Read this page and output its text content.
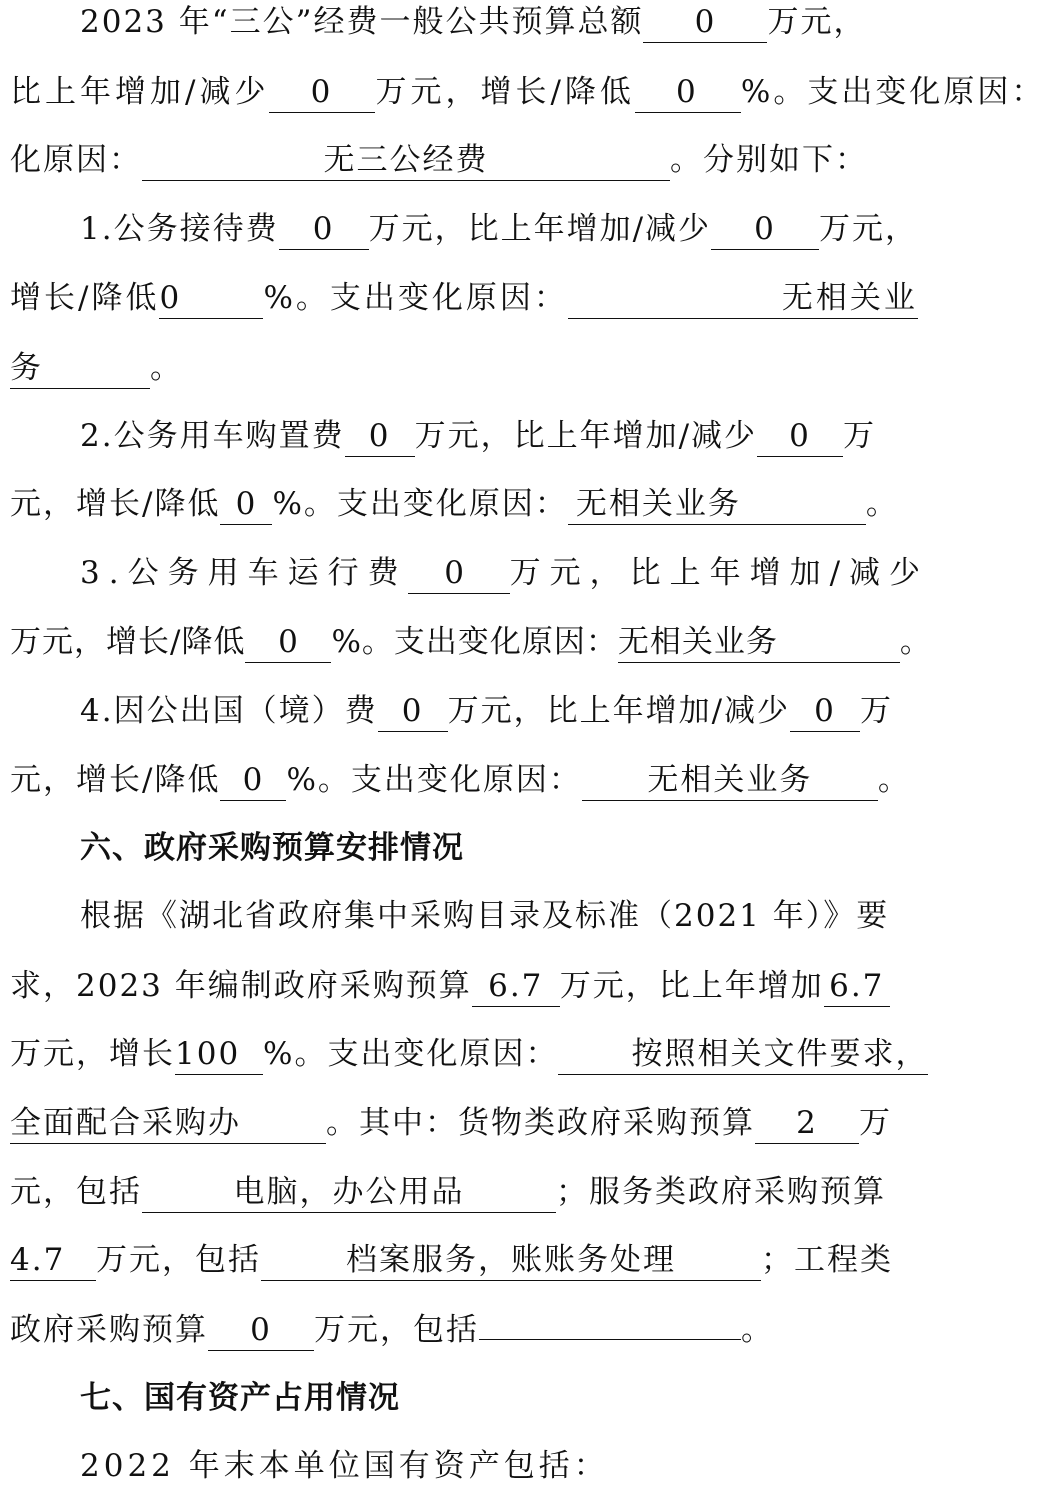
2023 年“三公”经费一般公共预算总额 0 万元，
比上年增加/减少 0 万元，增长/降低 0 %。支出变化原因：
化原因：	无三公经费	。分别如下：
1.公务接待费 0 万元，比上年增加/减少 0 万元，
增长/降低0	%。支出变化原因：	无相关业
务	。
2.公务用车购置费 0 万元，比上年增加/减少 0 万
元，增长/降低 0 %。支出变化原因： 无相关业务	。
3.公务用车运行费 0 万元，比上年增加/减少
万元，增长/降低 0 %。支出变化原因：无相关业务	。
4.因公出国（境）费 0 万元，比上年增加/减少 0 万
元，增长/降低 0 %。支出变化原因： 无相关业务 。
六、政府采购预算安排情况
根据《湖北省政府集中采购目录及标准（2021 年）》要
求，2023 年编制政府采购预算 6.7 万元，比上年增加 6.7
万元，增长100 %。支出变化原因： 按照相关文件要求，
全面配合采购办	。其中：货物类政府采购预算 2 万
元，包括	电脑，办公用品	；服务类政府采购预算
4.7 万元，包括	档案服务，账账务处理	；工程类
政府采购预算 0 万元，包括	。
七、国有资产占用情况
2022 年末本单位国有资产包括：
